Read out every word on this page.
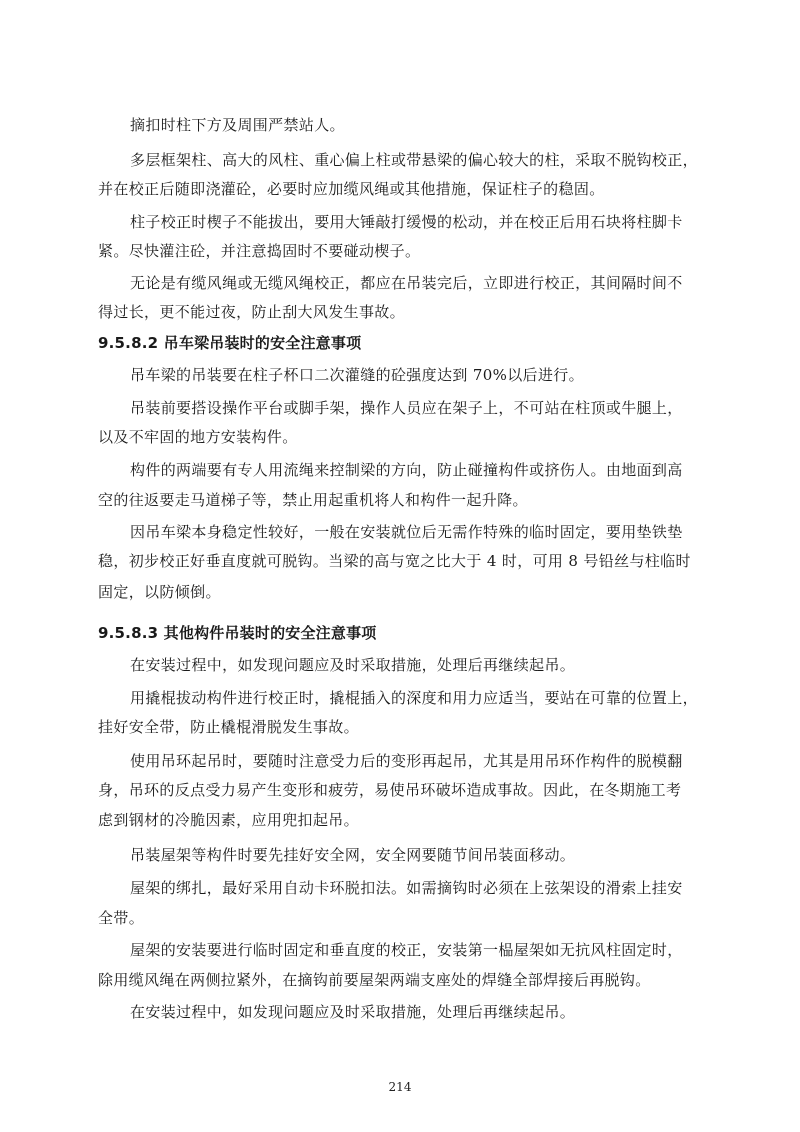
摘扣时柱下方及周围严禁站人。
多层框架柱、高大的风柱、重心偏上柱或带悬梁的偏心较大的柱，采取不脱钩校正，
并在校正后随即浇灌砼，必要时应加缆风绳或其他措施，保证柱子的稳固。
柱子校正时楔子不能拔出，要用大锤敲打缓慢的松动，并在校正后用石块将柱脚卡
紧。尽快灌注砼，并注意捣固时不要碰动楔子。
无论是有缆风绳或无缆风绳校正，都应在吊装完后，立即进行校正，其间隔时间不
得过长，更不能过夜，防止刮大风发生事故。
9.5.8.2 吊车梁吊装时的安全注意事项
吊车梁的吊装要在柱子杯口二次灌缝的砼强度达到 70%以后进行。
吊装前要搭设操作平台或脚手架，操作人员应在架子上，不可站在柱顶或牛腿上，
以及不牢固的地方安装构件。
构件的两端要有专人用流绳来控制梁的方向，防止碰撞构件或挤伤人。由地面到高
空的往返要走马道梯子等，禁止用起重机将人和构件一起升降。
因吊车梁本身稳定性较好，一般在安装就位后无需作特殊的临时固定，要用垫铁垫
稳，初步校正好垂直度就可脱钩。当梁的高与宽之比大于 4 时，可用 8 号铅丝与柱临时
固定，以防倾倒。
9.5.8.3 其他构件吊装时的安全注意事项
在安装过程中，如发现问题应及时采取措施，处理后再继续起吊。
用撬棍拔动构件进行校正时，撬棍插入的深度和用力应适当，要站在可靠的位置上，
挂好安全带，防止橇棍滑脱发生事故。
使用吊环起吊时，要随时注意受力后的变形再起吊，尤其是用吊环作构件的脱模翻
身，吊环的反点受力易产生变形和疲劳，易使吊环破坏造成事故。因此，在冬期施工考
虑到钢材的冷脆因素，应用兜扣起吊。
吊装屋架等构件时要先挂好安全网，安全网要随节间吊装面移动。
屋架的绑扎，最好采用自动卡环脱扣法。如需摘钩时必须在上弦架设的滑索上挂安
全带。
屋架的安装要进行临时固定和垂直度的校正，安装第一榀屋架如无抗风柱固定时，
除用缆风绳在两侧拉紧外，在摘钩前要屋架两端支座处的焊缝全部焊接后再脱钩。
在安装过程中，如发现问题应及时采取措施，处理后再继续起吊。
214
